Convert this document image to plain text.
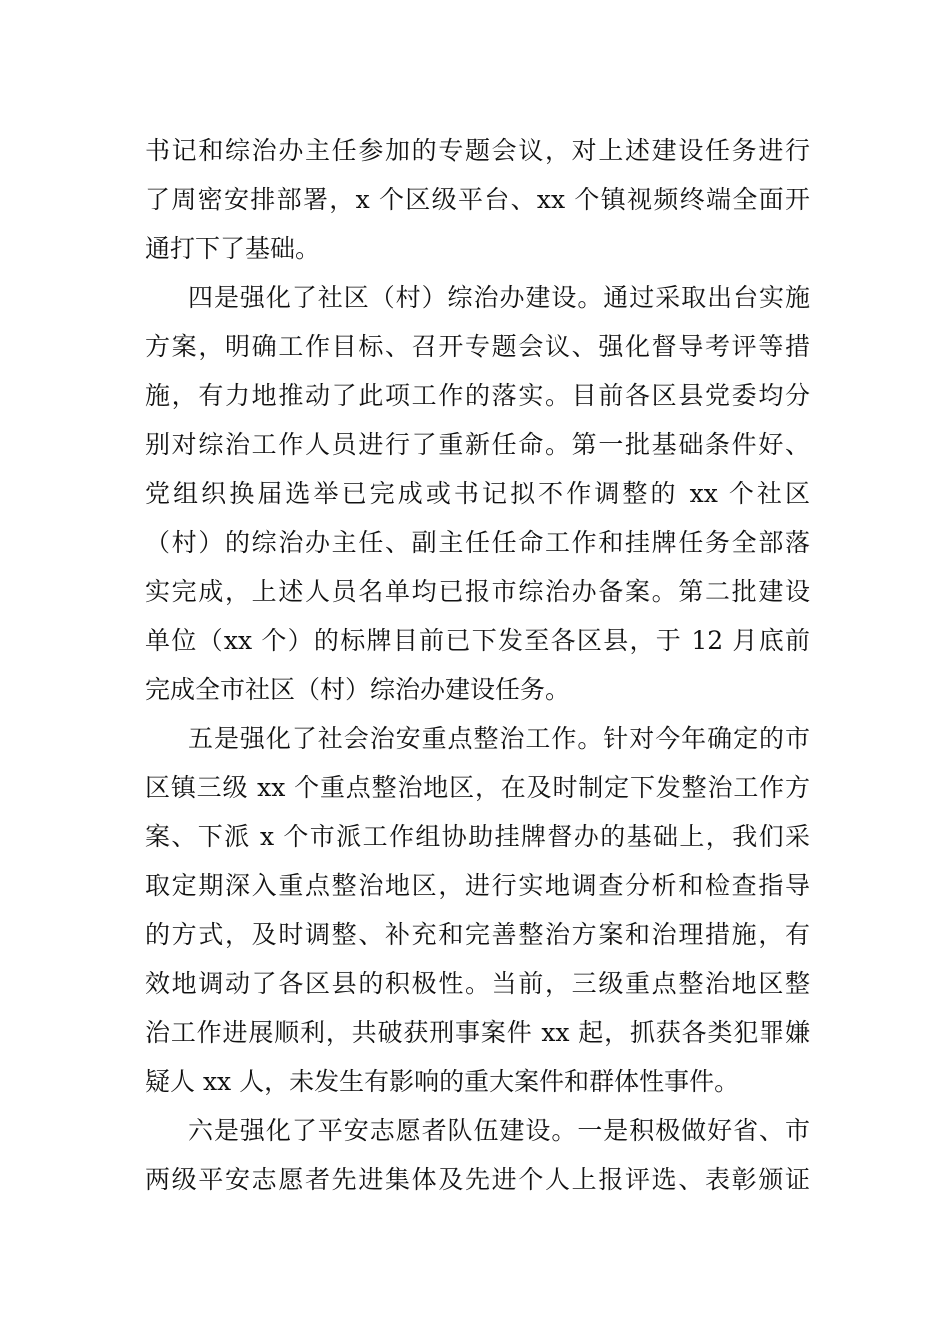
书记和综治办主任参加的专题会议，对上述建设任务进行
了周密安排部署，x 个区级平台、xx 个镇视频终端全面开
通打下了基础。
四是强化了社区（村）综治办建设。通过采取出台实施
方案，明确工作目标、召开专题会议、强化督导考评等措
施，有力地推动了此项工作的落实。目前各区县党委均分
别对综治工作人员进行了重新任命。第一批基础条件好、
党组织换届选举已完成或书记拟不作调整的 xx 个社区
（村）的综治办主任、副主任任命工作和挂牌任务全部落
实完成，上述人员名单均已报市综治办备案。第二批建设
单位（xx 个）的标牌目前已下发至各区县，于 12 月底前
完成全市社区（村）综治办建设任务。
五是强化了社会治安重点整治工作。针对今年确定的市
区镇三级 xx 个重点整治地区，在及时制定下发整治工作方
案、下派 x 个市派工作组协助挂牌督办的基础上，我们采
取定期深入重点整治地区，进行实地调查分析和检查指导
的方式，及时调整、补充和完善整治方案和治理措施，有
效地调动了各区县的积极性。当前，三级重点整治地区整
治工作进展顺利，共破获刑事案件 xx 起，抓获各类犯罪嫌
疑人 xx 人，未发生有影响的重大案件和群体性事件。
六是强化了平安志愿者队伍建设。一是积极做好省、市
两级平安志愿者先进集体及先进个人上报评选、表彰颁证
